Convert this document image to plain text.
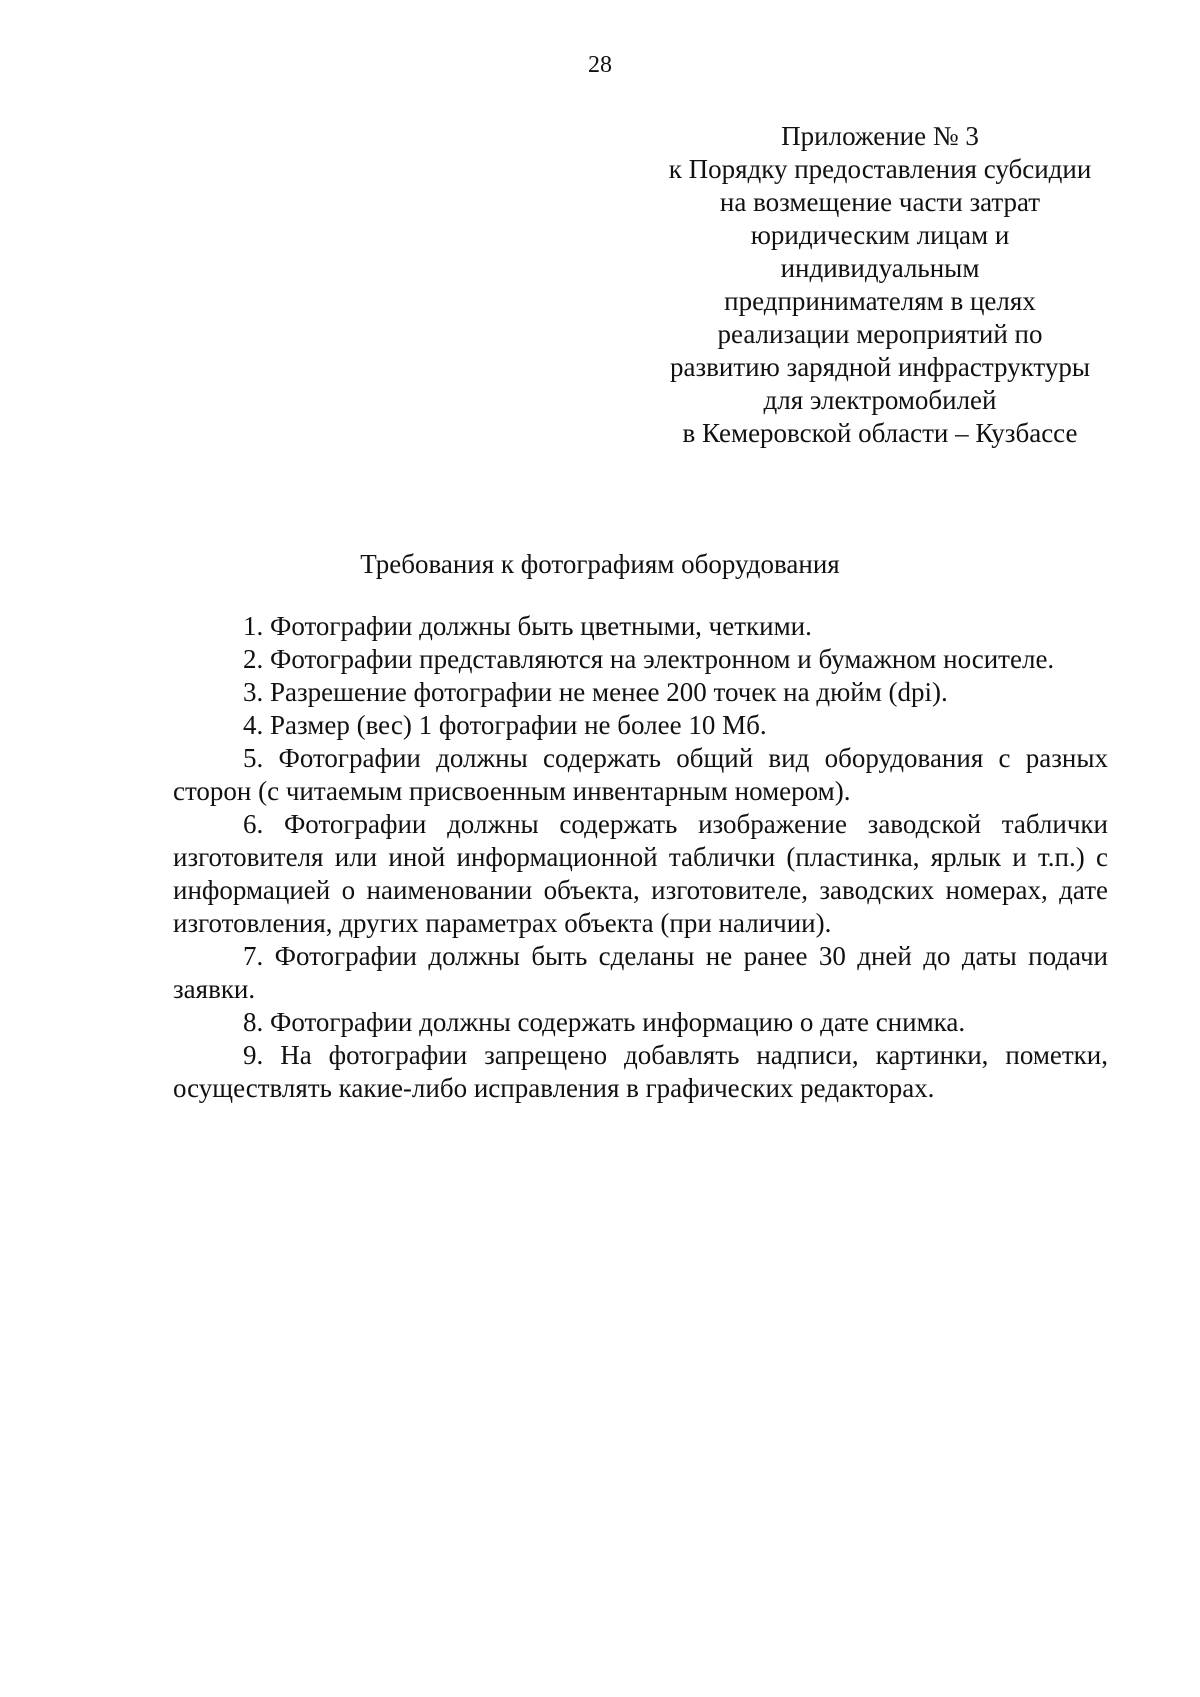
28
Приложение № 3
к Порядку предоставления субсидии
на возмещение части затрат
юридическим лицам и
индивидуальным
предпринимателям в целях
реализации мероприятий по
развитию зарядной инфраструктуры
для электромобилей
в Кемеровской области – Кузбассе
Требования к фотографиям оборудования

1. Фотографии должны быть цветными, четкими.

2. Фотографии представляются на электронном и бумажном носителе.

3. Разрешение фотографии не менее 200 точек на дюйм (dpi).

4. Размер (вес) 1 фотографии не более 10 Мб.

5. Фотографии должны содержать общий вид оборудования с разных сторон (с читаемым присвоенным инвентарным номером).

6. Фотографии должны содержать изображение заводской таблички изготовителя или иной информационной таблички (пластинка, ярлык и т.п.) с информацией о наименовании объекта, изготовителе, заводских номерах, дате изготовления, других параметрах объекта (при наличии).

7. Фотографии должны быть сделаны не ранее 30 дней до даты подачи заявки.

8. Фотографии должны содержать информацию о дате снимка.

9. На фотографии запрещено добавлять надписи, картинки, пометки, осуществлять какие-либо исправления в графических редакторах.
